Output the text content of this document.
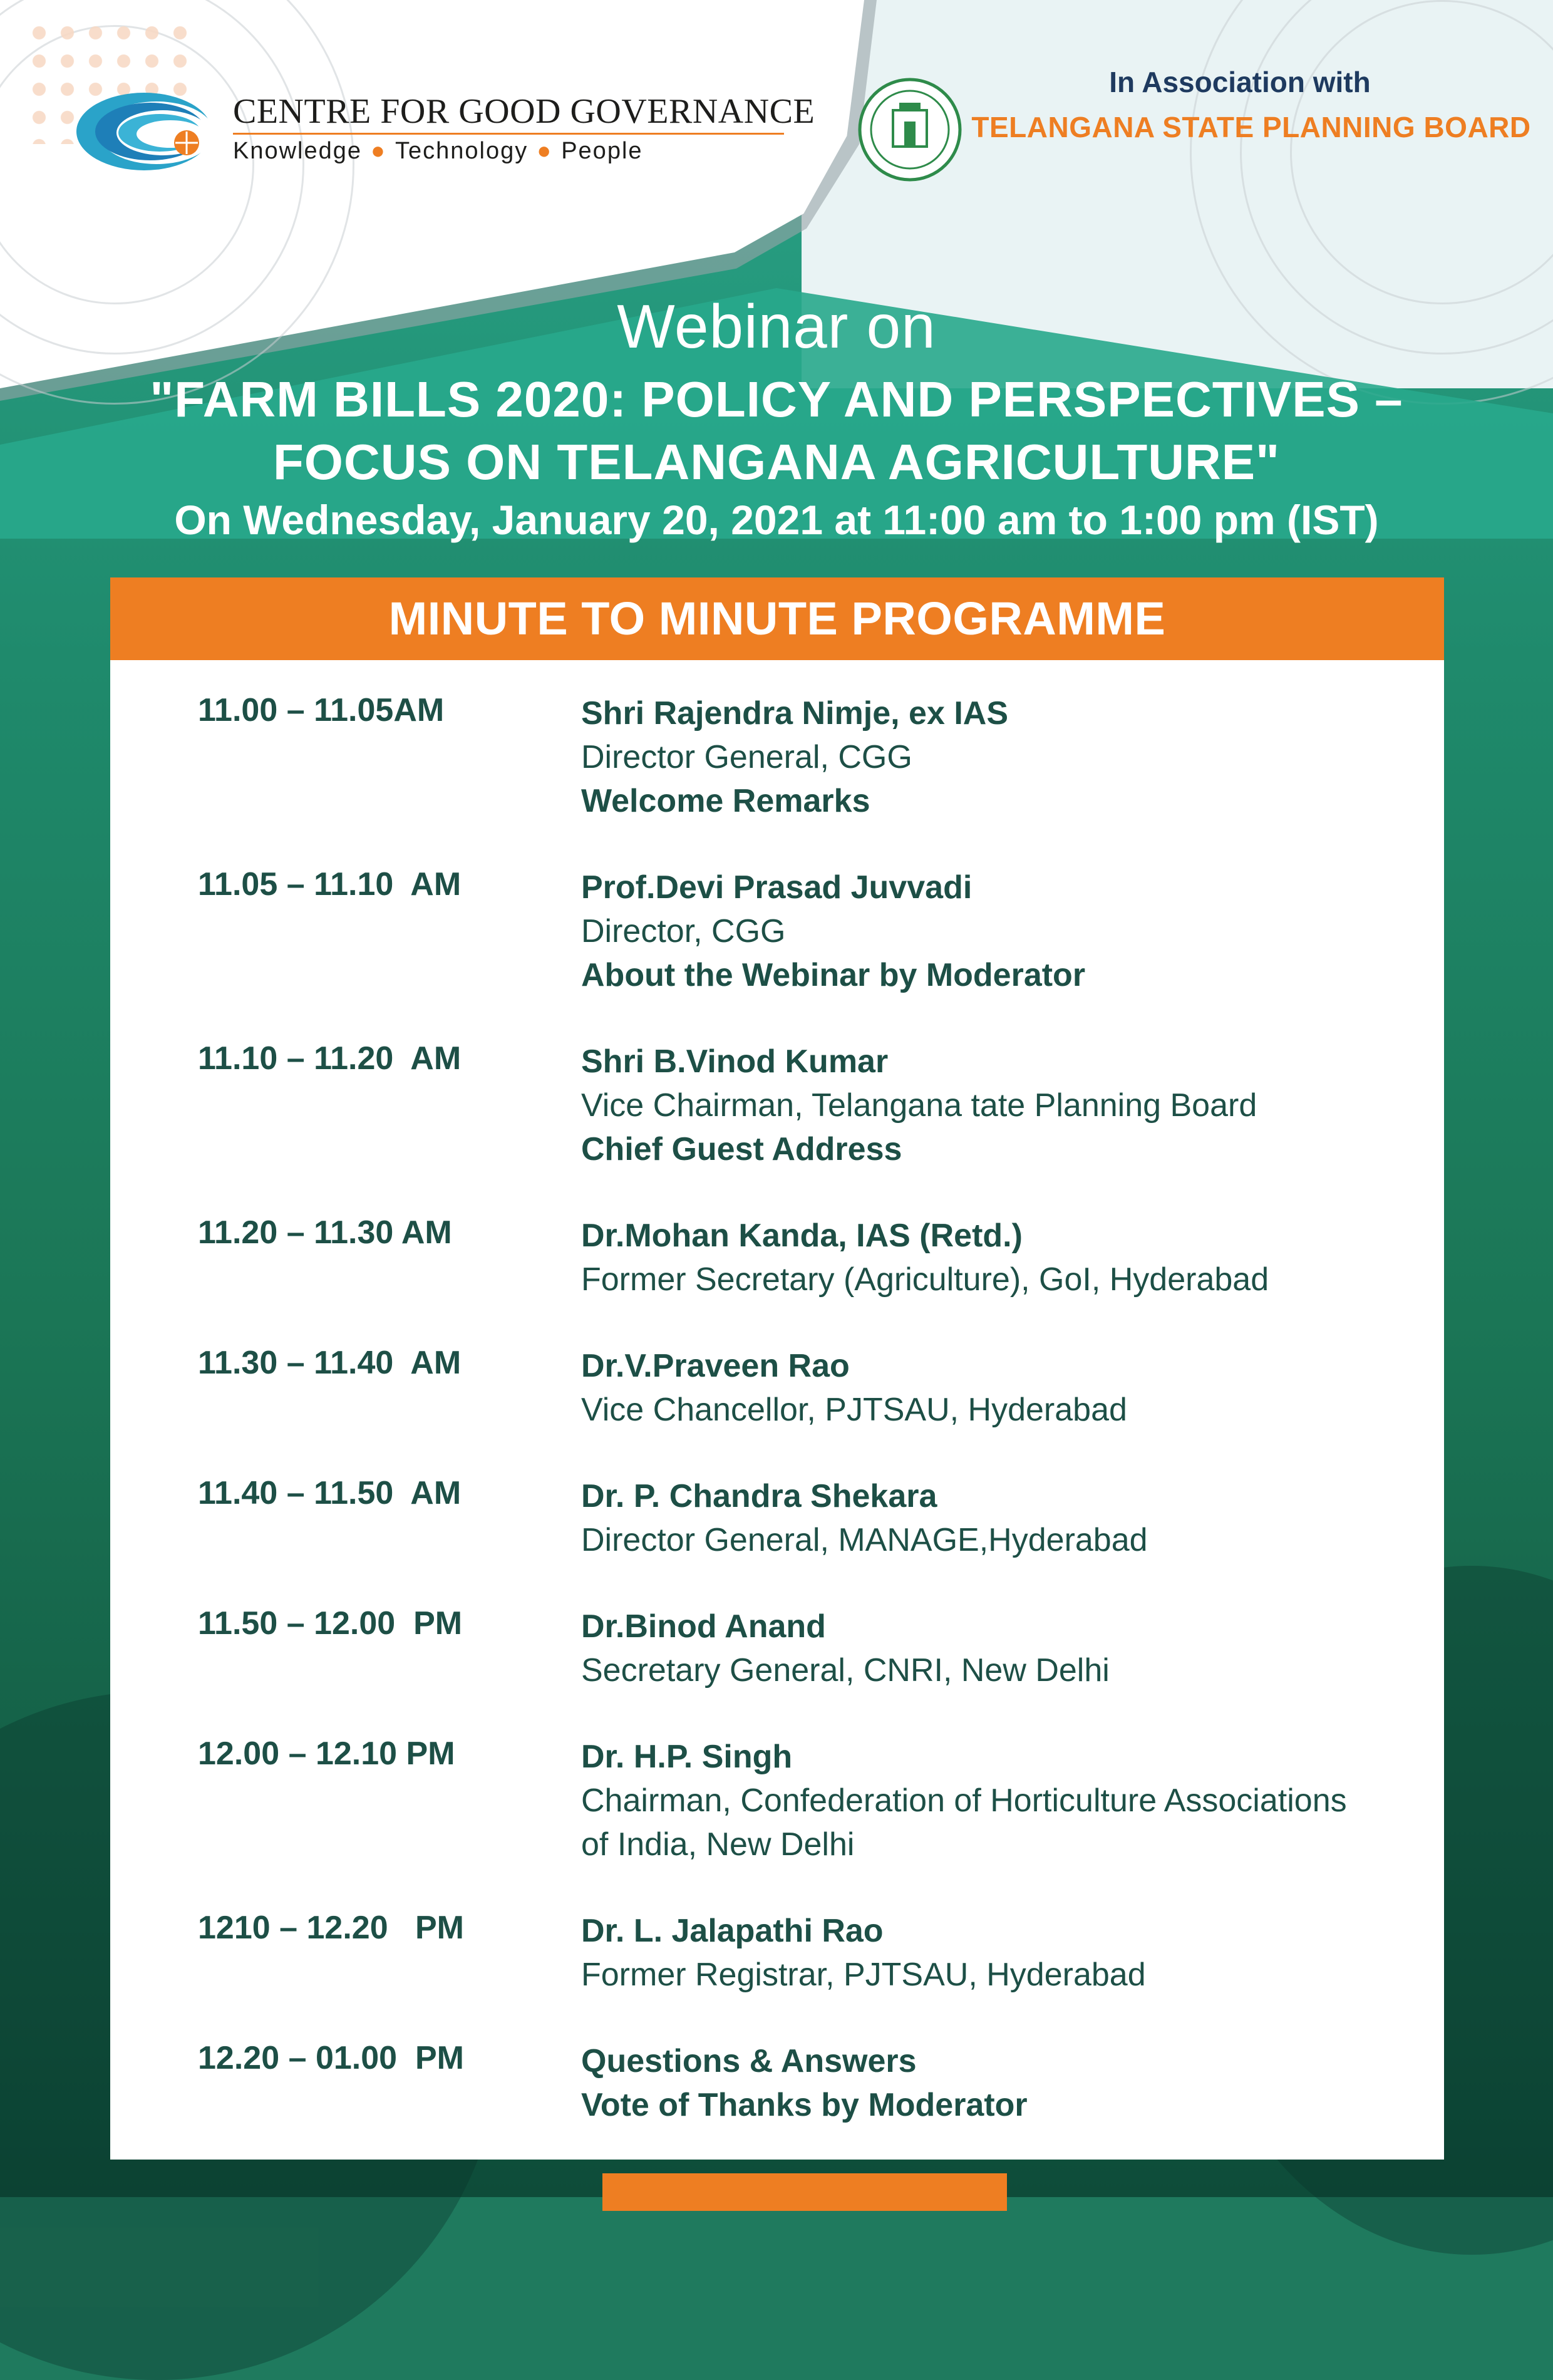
CENTRE FOR GOOD GOVERNANCE
Knowledge ● Technology ● People
In Association with
TELANGANA STATE PLANNING BOARD
Webinar on
"FARM BILLS 2020: POLICY AND PERSPECTIVES –
FOCUS ON TELANGANA AGRICULTURE"
On Wednesday, January 20, 2021 at 11:00 am to 1:00 pm (IST)
MINUTE TO MINUTE PROGRAMME
11.00 – 11.05AM	Shri Rajendra Nimje, ex IAS
Director General, CGG
Welcome Remarks
11.05 – 11.10  AM	Prof.Devi Prasad Juvvadi
Director, CGG
About the Webinar by Moderator
11.10 – 11.20  AM	Shri B.Vinod Kumar
Vice Chairman, Telangana tate Planning Board
Chief Guest Address
11.20 – 11.30 AM	Dr.Mohan Kanda, IAS (Retd.)
Former Secretary (Agriculture), GoI, Hyderabad
11.30 – 11.40  AM	Dr.V.Praveen Rao
Vice Chancellor, PJTSAU, Hyderabad
11.40 – 11.50  AM	Dr. P. Chandra Shekara
Director General, MANAGE,Hyderabad
11.50 – 12.00  PM	Dr.Binod Anand
Secretary General, CNRI, New Delhi
12.00 – 12.10 PM	Dr. H.P. Singh
Chairman, Confederation of Horticulture Associations
of India, New Delhi
1210 – 12.20   PM	Dr. L. Jalapathi Rao
Former Registrar, PJTSAU, Hyderabad
12.20 – 01.00  PM	Questions & Answers
Vote of Thanks by Moderator
